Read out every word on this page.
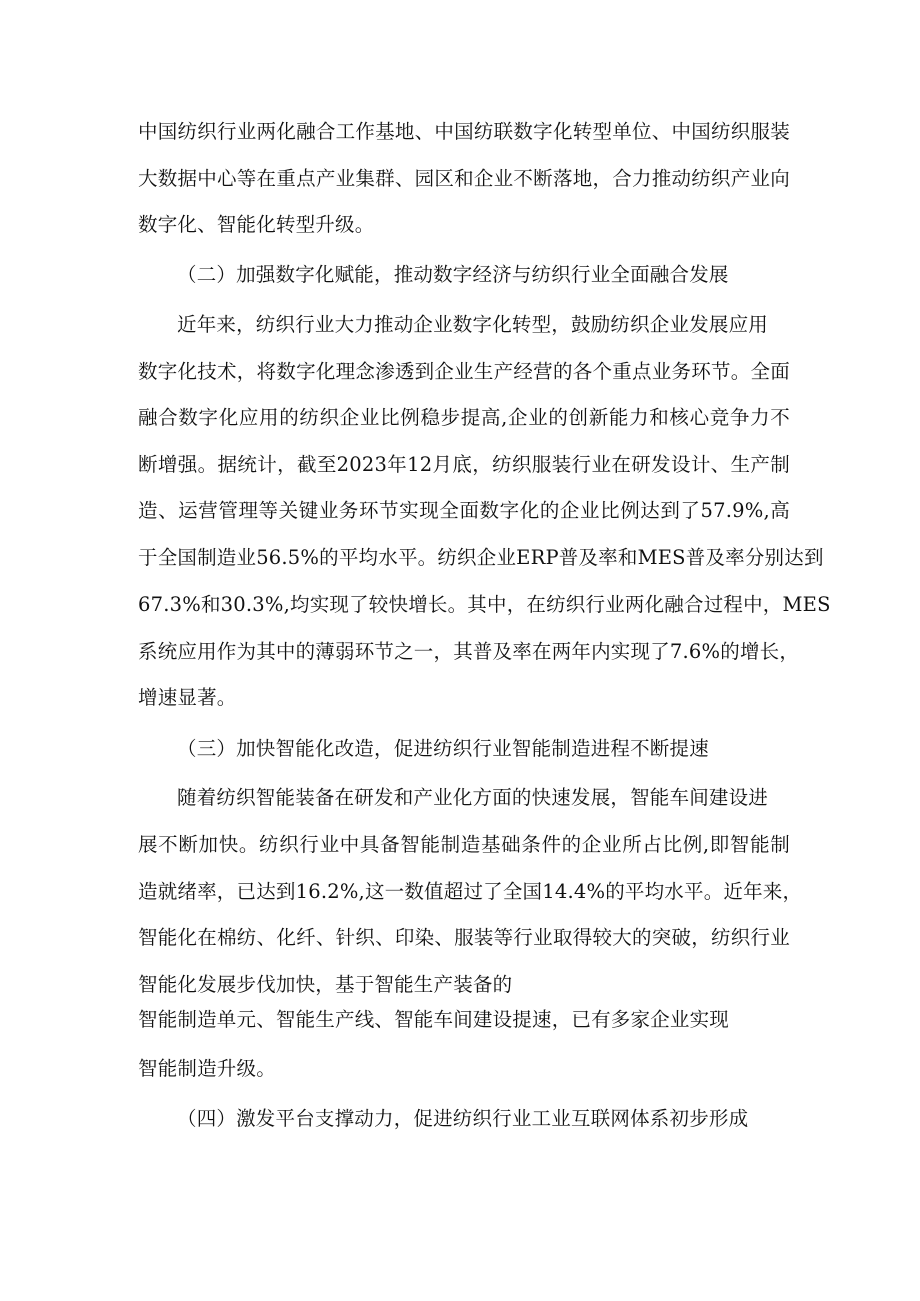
中国纺织行业两化融合工作基地、中国纺联数字化转型单位、中国纺织服装
大数据中心等在重点产业集群、园区和企业不断落地，合力推动纺织产业向
数字化、智能化转型升级。
（二）加强数字化赋能，推动数字经济与纺织行业全面融合发展
近年来，纺织行业大力推动企业数字化转型，鼓励纺织企业发展应用
数字化技术，将数字化理念渗透到企业生产经营的各个重点业务环节。全面
融合数字化应用的纺织企业比例稳步提高,企业的创新能力和核心竞争力不
断增强。据统计，截至2023年12月底，纺织服装行业在研发设计、生产制
造、运营管理等关键业务环节实现全面数字化的企业比例达到了57.9%,高
于全国制造业56.5%的平均水平。纺织企业ERP普及率和MES普及率分别达到
67.3%和30.3%,均实现了较快增长。其中，在纺织行业两化融合过程中，MES
系统应用作为其中的薄弱环节之一，其普及率在两年内实现了7.6%的增长，
增速显著。
（三）加快智能化改造，促进纺织行业智能制造进程不断提速
随着纺织智能装备在研发和产业化方面的快速发展，智能车间建设进
展不断加快。纺织行业中具备智能制造基础条件的企业所占比例,即智能制
造就绪率，已达到16.2%,这一数值超过了全国14.4%的平均水平。近年来，
智能化在棉纺、化纤、针织、印染、服装等行业取得较大的突破，纺织行业
智能化发展步伐加快，基于智能生产装备的
智能制造单元、智能生产线、智能车间建设提速，已有多家企业实现
智能制造升级。
（四）激发平台支撑动力，促进纺织行业工业互联网体系初步形成
